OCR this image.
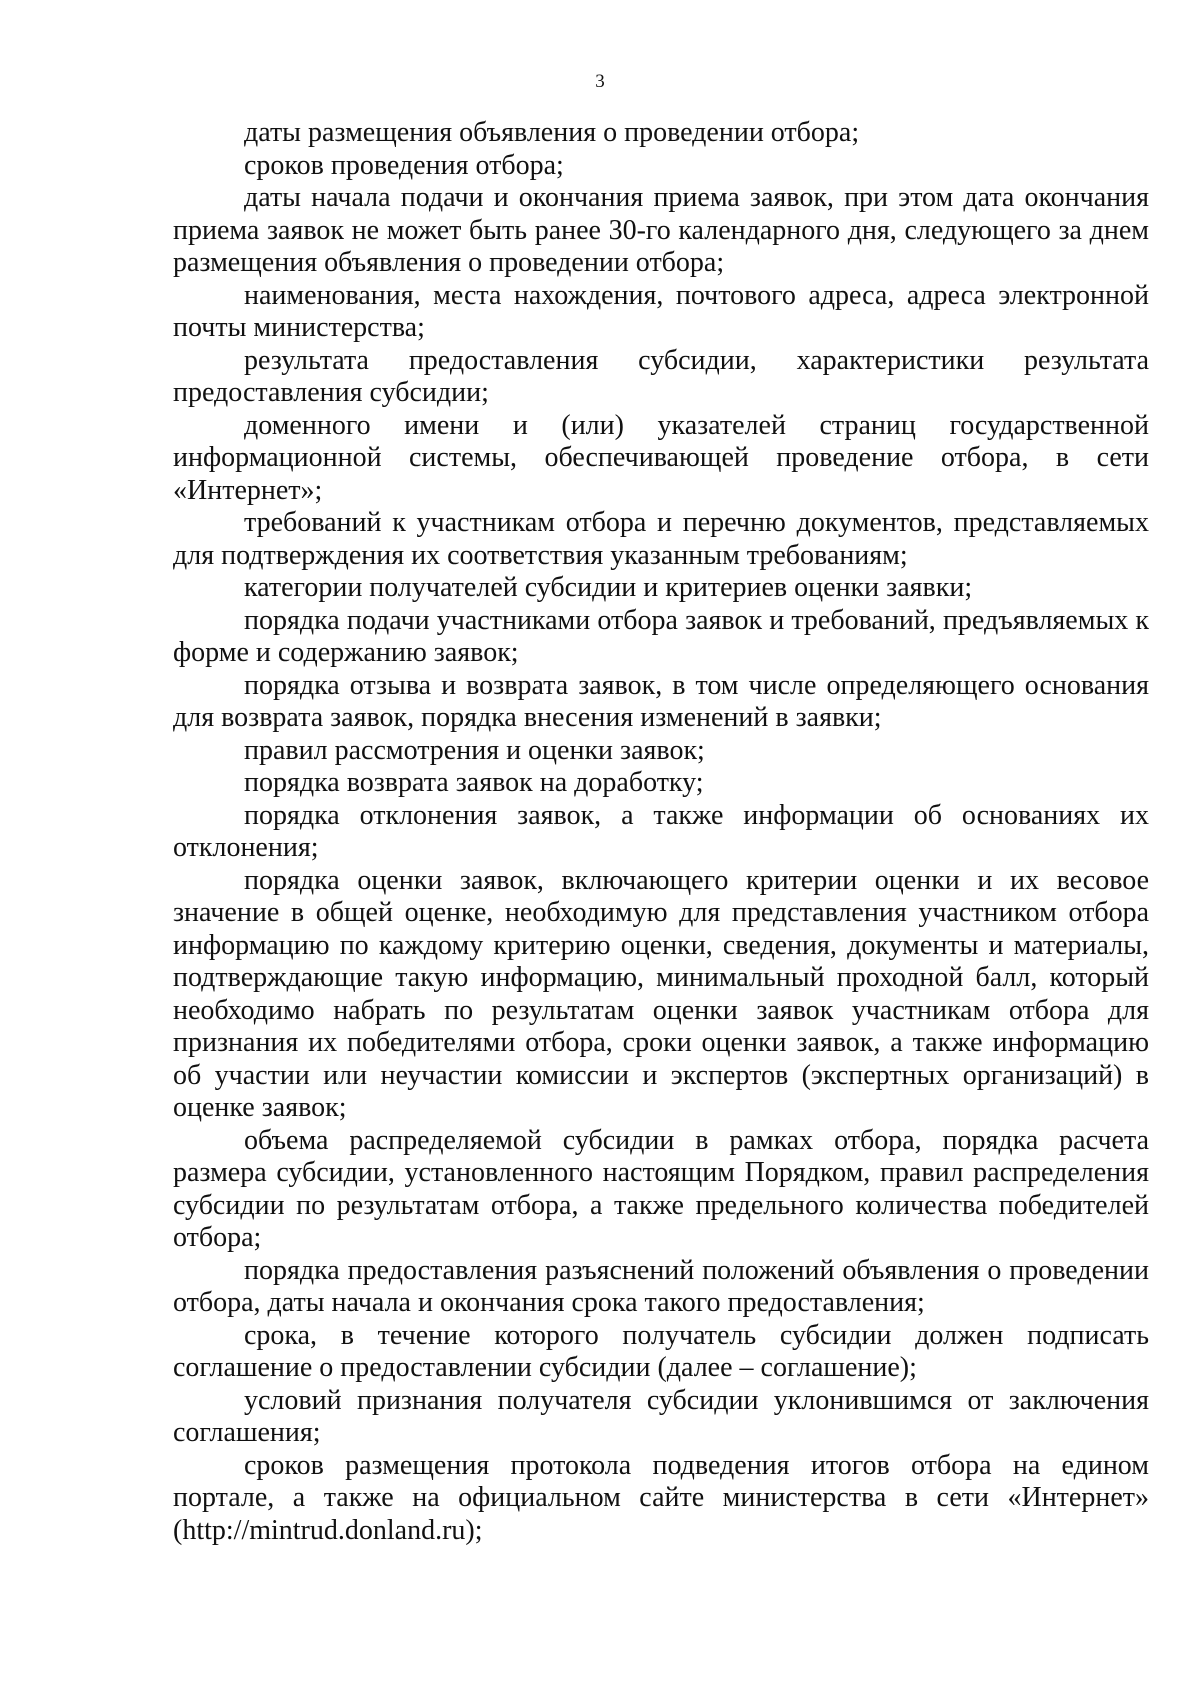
3

даты размещения объявления о проведении отбора;

сроков проведения отбора;

даты начала подачи и окончания приема заявок, при этом дата окончания приема заявок не может быть ранее 30-го календарного дня, следующего за днем размещения объявления о проведении отбора;

наименования, места нахождения, почтового адреса, адреса электронной почты министерства;

результата предоставления субсидии, характеристики результата предоставления субсидии;

доменного имени и (или) указателей страниц государственной информационной системы, обеспечивающей проведение отбора, в сети «Интернет»;

требований к участникам отбора и перечню документов, представляемых для подтверждения их соответствия указанным требованиям;

категории получателей субсидии и критериев оценки заявки;

порядка подачи участниками отбора заявок и требований, предъявляемых к форме и содержанию заявок;

порядка отзыва и возврата заявок, в том числе определяющего основания для возврата заявок, порядка внесения изменений в заявки;

правил рассмотрения и оценки заявок;

порядка возврата заявок на доработку;

порядка отклонения заявок, а также информации об основаниях их отклонения;

порядка оценки заявок, включающего критерии оценки и их весовое значение в общей оценке, необходимую для представления участником отбора информацию по каждому критерию оценки, сведения, документы и материалы, подтверждающие такую информацию, минимальный проходной балл, который необходимо набрать по результатам оценки заявок участникам отбора для признания их победителями отбора, сроки оценки заявок, а также информацию об участии или неучастии комиссии и экспертов (экспертных организаций) в оценке заявок;

объема распределяемой субсидии в рамках отбора, порядка расчета размера субсидии, установленного настоящим Порядком, правил распределения субсидии по результатам отбора, а также предельного количества победителей отбора;

порядка предоставления разъяснений положений объявления о проведении отбора, даты начала и окончания срока такого предоставления;

срока, в течение которого получатель субсидии должен подписать соглашение о предоставлении субсидии (далее – соглашение);

условий признания получателя субсидии уклонившимся от заключения соглашения;

сроков размещения протокола подведения итогов отбора на едином портале, а также на официальном сайте министерства в сети «Интернет» (http://mintrud.donland.ru);
